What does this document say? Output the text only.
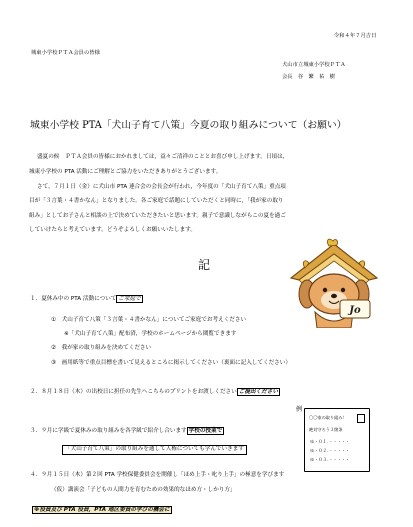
令和４年７月吉日
城東小学校ＰＴＡ会員の皆様
犬山市立城東小学校ＰＴＡ
会長　谷　繁　祐　樹
城東小学校 PTA「犬山子育て八策」今夏の取り組みについて（お願い）
盛夏の候　ＰＴＡ会員の皆様におかれましては，益々ご清祥のこととお喜び申し上げます。日頃は，
城東小学校の PTA 活動にご理解とご協力をいただきありがとうございます。
さて，７月１日（金）に犬山市 PTA 連合会の会長会が行われ，今年度の「犬山子育て八策」重点項
目が「３言葉・４書かなん」となりました。各ご家庭で話題にしていただくと同時に，「我が家の取り
組み」としてお子さんと相談の上で決めていただきたいと思います。親子で意識しながらこの夏を過ご
していけたらと考えています。どうぞよろしくお願いいたします。
記
Jo
１．夏休み中の PTA 活動について ご家庭で
①　犬山子育て八策「３言葉・４書かなん」についてご家庭でお考えください
※「犬山子育て八策」配布済，学校のホームページから閲覧できます
②　我が家の取り組みを決めてください
③　画用紙等で重点目標を書いて見えるところに掲示してください（裏面に記入してください）
２．８月１８日（木）の出校日に担任の先生へこちらのプリントをお渡しください ご提出ください
例
〇〇家の取り組み！
絶対守ろう３箇条
ゆ・０１．・・・・・
ゆ・０２．・・・・・
ゆ・０３．・・・・・
３．９月に学級で夏休みの取り組みを各学級で紹介し合います 学校の授業で
「犬山子育て八策」の取り組みを通して人権についても学んでいきます
４．９月１５日（木）第２回 PTA 学校保健委員会を開催し「ほめ上手・叱り上手」の極意を学びます
（仮）講演会「子どもの人間力を育むための効果的なほめ方・しかり方」
※役員及び PTA 役員，PTA 地区委員の学びの機会に
